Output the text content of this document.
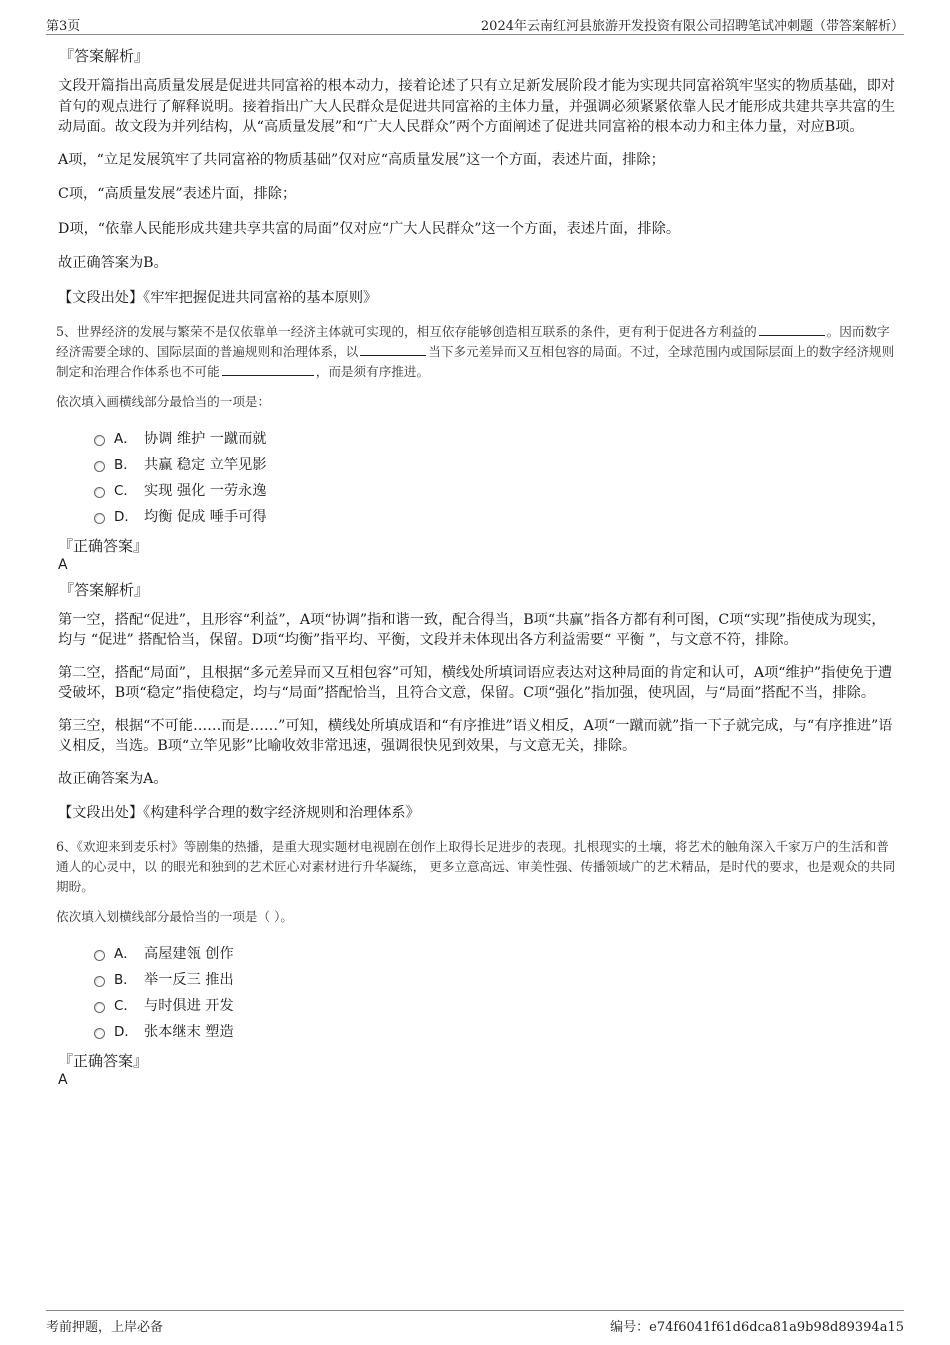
第3页	2024年云南红河县旅游开发投资有限公司招聘笔试冲刺题（带答案解析）
『答案解析』

文段开篇指出高质量发展是促进共同富裕的根本动力，接着论述了只有立足新发展阶段才能为实现共同富裕筑牢坚实的物质基础，即对首句的观点进行了解释说明。接着指出广大人民群众是促进共同富裕的主体力量，并强调必须紧紧依靠人民才能形成共建共享共富的生动局面。故文段为并列结构，从“高质量发展”和“广大人民群众”两个方面阐述了促进共同富裕的根本动力和主体力量，对应B项。

A项，“立足发展筑牢了共同富裕的物质基础”仅对应“高质量发展”这一个方面，表述片面，排除；

C项，“高质量发展”表述片面，排除；

D项，“依靠人民能形成共建共享共富的局面”仅对应“广大人民群众”这一个方面，表述片面，排除。

故正确答案为B。

【文段出处】《牢牢把握促进共同富裕的基本原则》

5、世界经济的发展与繁荣不是仅依靠单一经济主体就可实现的，相互依存能够创造相互联系的条件，更有利于促进各方利益的	。因而数字经济需要全球的、国际层面的普遍规则和治理体系，以	当下多元差异而又互相包容的局面。不过，全球范围内或国际层面上的数字经济规则制定和治理合作体系也不可能	，而是须有序推进。
依次填入画横线部分最恰当的一项是：
A． 协调 维护 一蹴而就
B． 共赢 稳定 立竿见影
C． 实现 强化 一劳永逸
D． 均衡 促成 唾手可得
『正确答案』
A
『答案解析』

第一空，搭配“促进”，且形容“利益”，A项“协调”指和谐一致，配合得当，B项“共赢”指各方都有利可图，C项“实现”指使成为现实，均与 “促进” 搭配恰当，保留。D项“均衡”指平均、平衡，文段并未体现出各方利益需要“ 平衡 ”，与文意不符，排除。

第二空，搭配“局面”，且根据“多元差异而又互相包容”可知，横线处所填词语应表达对这种局面的肯定和认可，A项“维护”指使免于遭受破坏，B项“稳定”指使稳定，均与“局面”搭配恰当，且符合文意，保留。C项“强化”指加强，使巩固，与“局面”搭配不当，排除。

第三空，根据“不可能……而是……”可知，横线处所填成语和“有序推进”语义相反，A项“一蹴而就”指一下子就完成，与“有序推进”语义相反，当选。B项“立竿见影”比喻收效非常迅速，强调很快见到效果，与文意无关，排除。

故正确答案为A。

【文段出处】《构建科学合理的数字经济规则和治理体系》

6、《欢迎来到麦乐村》等剧集的热播，是重大现实题材电视剧在创作上取得长足进步的表现。扎根现实的土壤，将艺术的触角深入千家万户的生活和普通人的心灵中，以 的眼光和独到的艺术匠心对素材进行升华凝练， 更多立意高远、审美性强、传播领域广的艺术精品，是时代的要求，也是观众的共同期盼。
依次填入划横线部分最恰当的一项是（ ）。
A． 高屋建瓴 创作
B． 举一反三 推出
C． 与时俱进 开发
D． 张本继末 塑造
『正确答案』
A
考前押题，上岸必备	编号：e74f6041f61d6dca81a9b98d89394a15
